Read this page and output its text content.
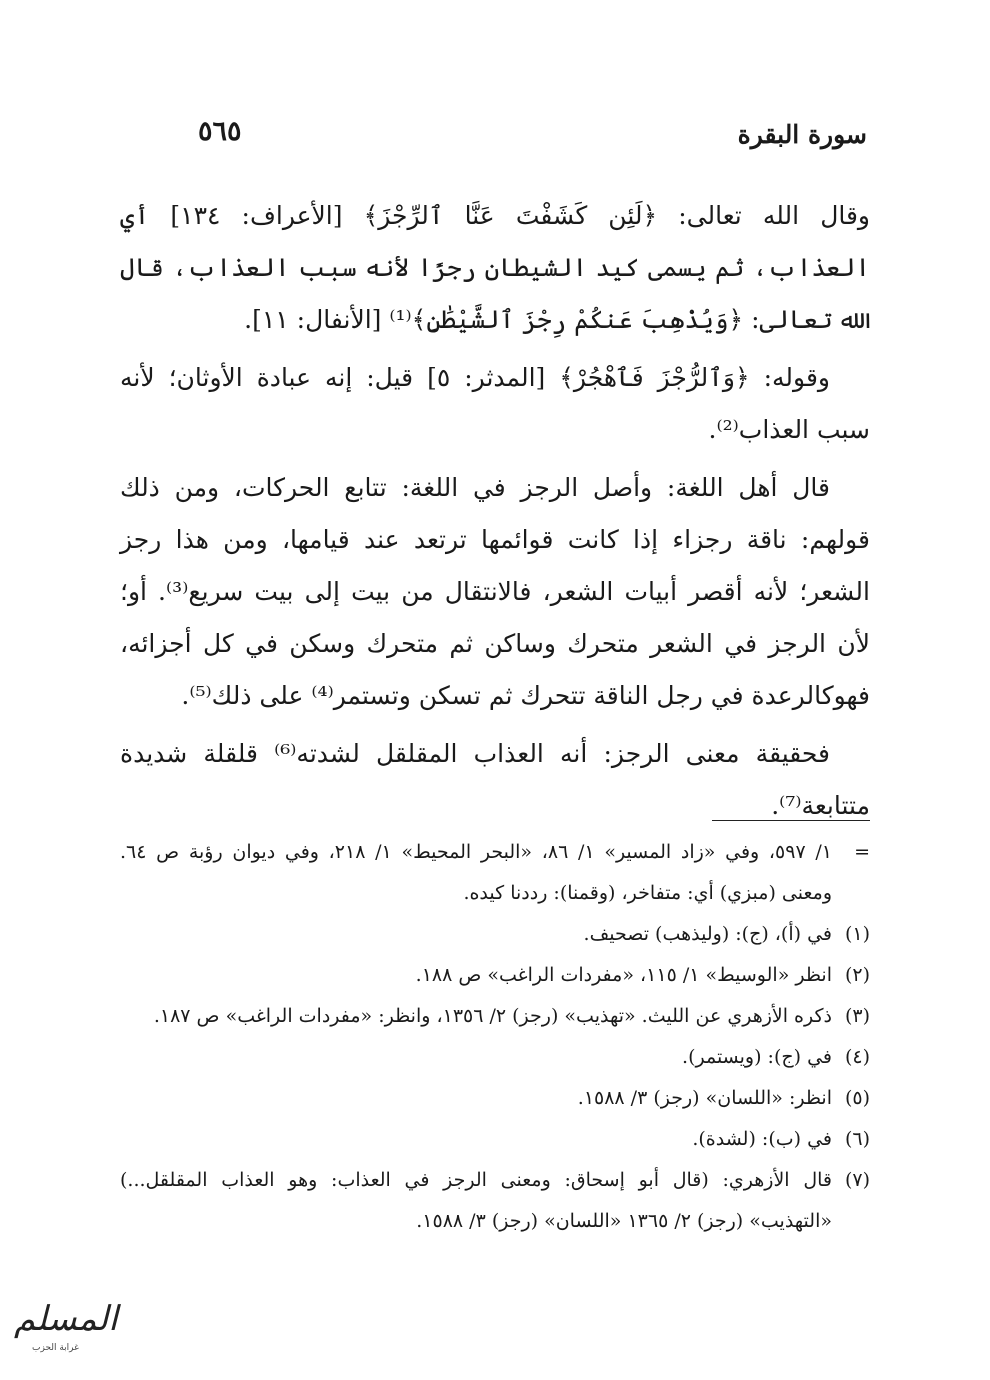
سورة البقرة
٥٦٥

وقال الله تعالى: ﴿لَئِن كَشَفْتَ عَنَّا ٱلرِّجْزَ﴾ [الأعراف: ١٣٤] أي العذاب، ثم يسمى كيد الشيطان رجزًا لأنه سبب العذاب، قال الله تعالى: ﴿وَيُذْهِبَ عَنكُمْ رِجْزَ ٱلشَّيْطَٰنِ﴾⁽¹⁾ [الأنفال: ١١].

وقوله: ﴿وَٱلرُّجْزَ فَٱهْجُرْ﴾ [المدثر: ٥] قيل: إنه عبادة الأوثان؛ لأنه سبب العذاب⁽²⁾.

قال أهل اللغة: وأصل الرجز في اللغة: تتابع الحركات، ومن ذلك قولهم: ناقة رجزاء إذا كانت قوائمها ترتعد عند قيامها، ومن هذا رجز الشعر؛ لأنه أقصر أبيات الشعر، فالانتقال من بيت إلى بيت سريع⁽³⁾. أو؛ لأن الرجز في الشعر متحرك وساكن ثم متحرك وسكن في كل أجزائه، فهوكالرعدة في رجل الناقة تتحرك ثم تسكن وتستمر⁽⁴⁾ على ذلك⁽⁵⁾.

فحقيقة معنى الرجز: أنه العذاب المقلقل لشدته⁽⁶⁾ قلقلة شديدة متتابعة⁽⁷⁾.

=
١/ ٥٩٧، وفي «زاد المسير» ١/ ٨٦، «البحر المحيط» ١/ ٢١٨، وفي ديوان رؤبة ص ٦٤. ومعنى (مبزي) أي: متفاخر، (وقمنا): رددنا كيده.
(١)
في (أ)، (ج): (وليذهب) تصحيف.
(٢)
انظر «الوسيط» ١/ ١١٥، «مفردات الراغب» ص ١٨٨.
(٣)
ذكره الأزهري عن الليث. «تهذيب» (رجز) ٢/ ١٣٥٦، وانظر: «مفردات الراغب» ص ١٨٧.
(٤)
في (ج): (ويستمر).
(٥)
انظر: «اللسان» (رجز) ٣/ ١٥٨٨.
(٦)
في (ب): (لشدة).
(٧)
قال الأزهري: (قال أبو إسحاق: ومعنى الرجز في العذاب: وهو العذاب المقلقل...) «التهذيب» (رجز) ٢/ ١٣٦٥ «اللسان» (رجز) ٣/ ١٥٨٨.
المسلم
غرابة الحزب
